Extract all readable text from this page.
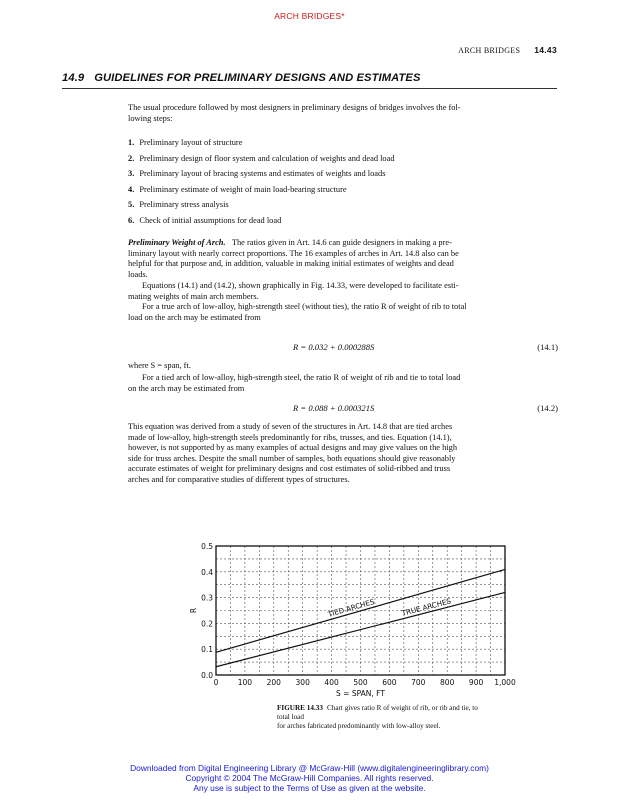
ARCH BRIDGES*
ARCH BRIDGES 14.43
14.9 GUIDELINES FOR PRELIMINARY DESIGNS AND ESTIMATES
The usual procedure followed by most designers in preliminary designs of bridges involves the fol-
lowing steps:
1. Preliminary layout of structure
2. Preliminary design of floor system and calculation of weights and dead load
3. Preliminary layout of bracing systems and estimates of weights and loads
4. Preliminary estimate of weight of main load-bearing structure
5. Preliminary stress analysis
6. Check of initial assumptions for dead load
Preliminary Weight of Arch. The ratios given in Art. 14.6 can guide designers in making a pre-
liminary layout with nearly correct proportions. The 16 examples of arches in Art. 14.8 also can be
helpful for that purpose and, in addition, valuable in making initial estimates of weights and dead
loads.
Equations (14.1) and (14.2), shown graphically in Fig. 14.33, were developed to facilitate esti-
mating weights of main arch members.
For a true arch of low-alloy, high-strength steel (without ties), the ratio R of weight of rib to total
load on the arch may be estimated from
R = 0.032 + 0.000288S	(14.1)
where S = span, ft.
For a tied arch of low-alloy, high-strength steel, the ratio R of weight of rib and tie to total load
on the arch may be estimated from
R = 0.088 + 0.000321S	(14.2)
This equation was derived from a study of seven of the structures in Art. 14.8 that are tied arches
made of low-alloy, high-strength steels predominantly for ribs, trusses, and ties. Equation (14.1),
however, is not supported by as many examples of actual designs and may give values on the high
side for truss arches. Despite the small number of samples, both equations should give reasonably
accurate estimates of weight for preliminary designs and cost estimates of solid-ribbed and truss
arches and for comparative studies of different types of structures.
0	100 200 300 400 500 600 700 800 900 1,000
0.0
0.1
0.2
0.3
0.4
0.5
S = SPAN, FT
R	TIED ARCHES	TRUE ARCHES
FIGURE 14.33 Chart gives ratio R of weight of rib, or rib and tie, to total load
for arches fabricated predominantly with low-alloy steel.
Downloaded from Digital Engineering Library @ McGraw-Hill (www.digitalengineeringlibrary.com)
Copyright © 2004 The McGraw-Hill Companies. All rights reserved.
Any use is subject to the Terms of Use as given at the website.
